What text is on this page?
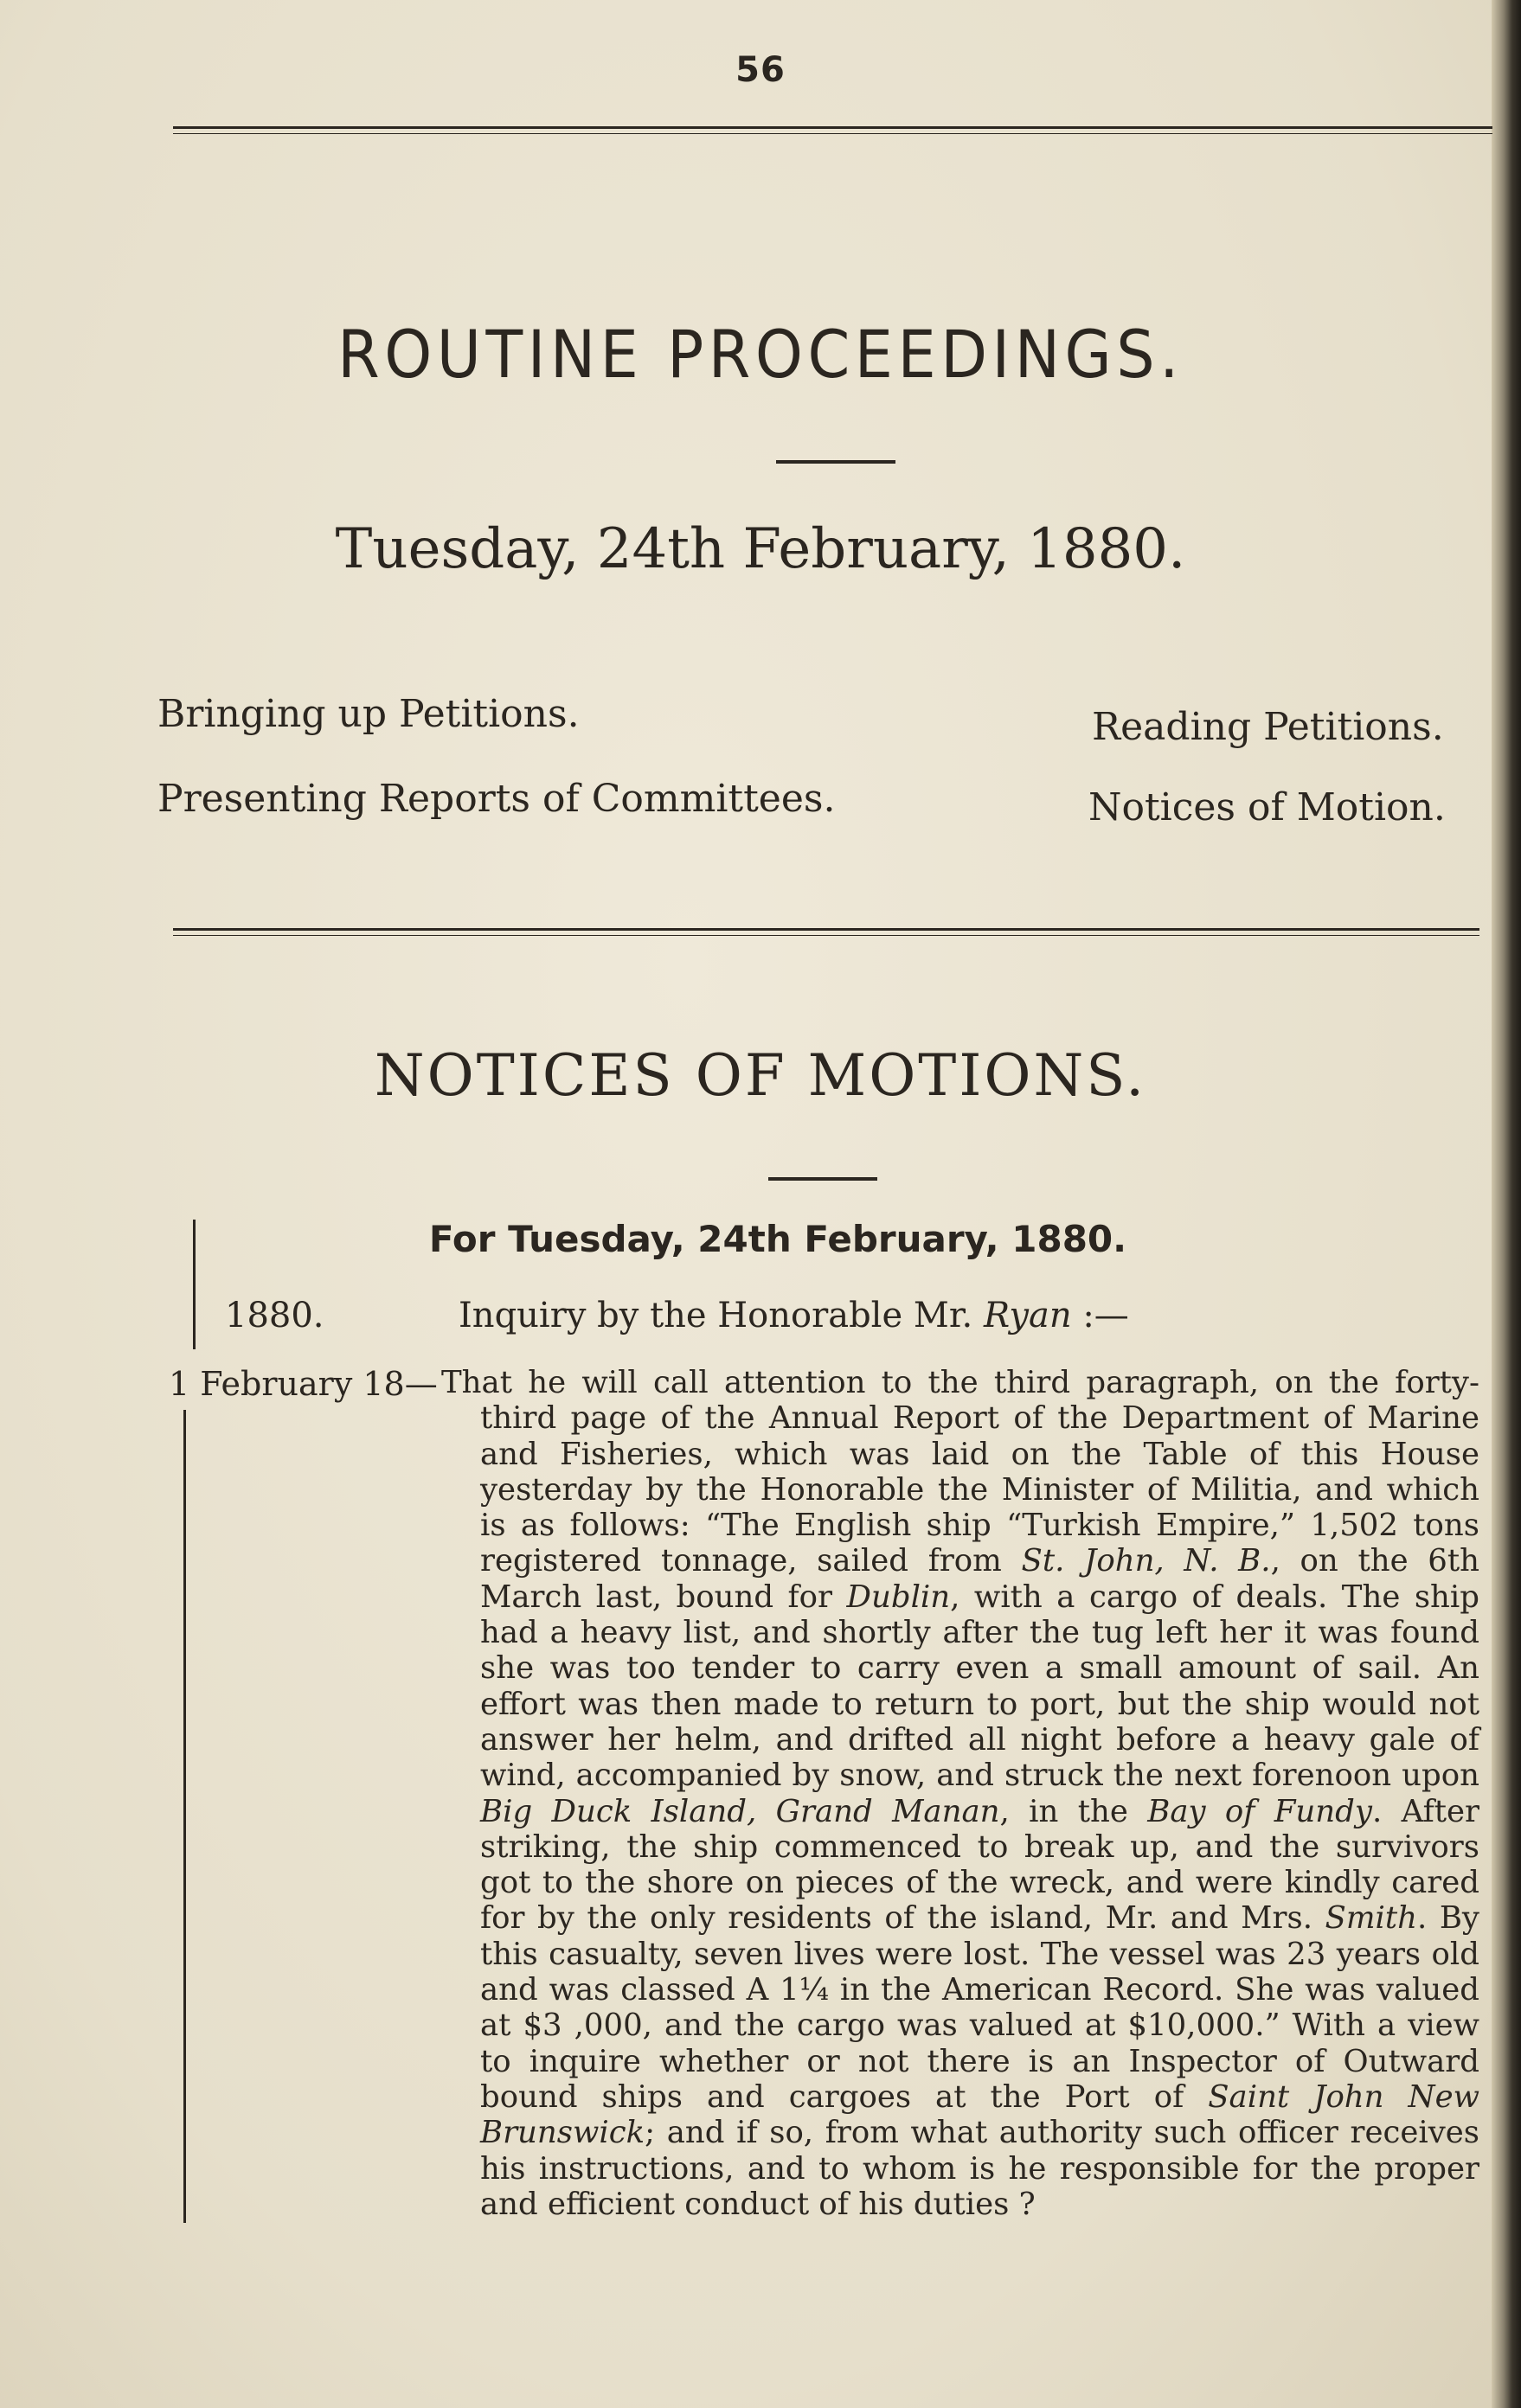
56
ROUTINE PROCEEDINGS.
Tuesday, 24th February, 1880.
Bringing up Petitions.	Reading Petitions.
Presenting Reports of Committees.	Notices of Motion.
NOTICES OF MOTIONS.
For Tuesday, 24th February, 1880.
1880.	Inquiry by the Honorable Mr. Ryan :—
1 February 18— That he will call attention to the third paragraph, on the forty-third page of the Annual Report of the Department of Marine and Fisheries, which was laid on the Table of this House yesterday by the Honorable the Minister of Militia, and which is as follows: “The English ship “Turkish Empire,” 1,502 tons registered tonnage, sailed from St. John, N. B., on the 6th March last, bound for Dublin, with a cargo of deals. The ship had a heavy list, and shortly after the tug left her it was found she was too tender to carry even a small amount of sail. An effort was then made to return to port, but the ship would not answer her helm, and drifted all night before a heavy gale of wind, accompanied by snow, and struck the next forenoon upon Big Duck Island, Grand Manan, in the Bay of Fundy. After striking, the ship commenced to break up, and the survivors got to the shore on pieces of the wreck, and were kindly cared for by the only residents of the island, Mr. and Mrs. Smith. By this casualty, seven lives were lost. The vessel was 23 years old and was classed A 1¼ in the American Record. She was valued at $3 ,000, and the cargo was valued at $10,000.” With a view to inquire whether or not there is an Inspector of Outward bound ships and cargoes at the Port of Saint John New Brunswick; and if so, from what authority such officer receives his instructions, and to whom is he responsible for the proper and efficient conduct of his duties ?
